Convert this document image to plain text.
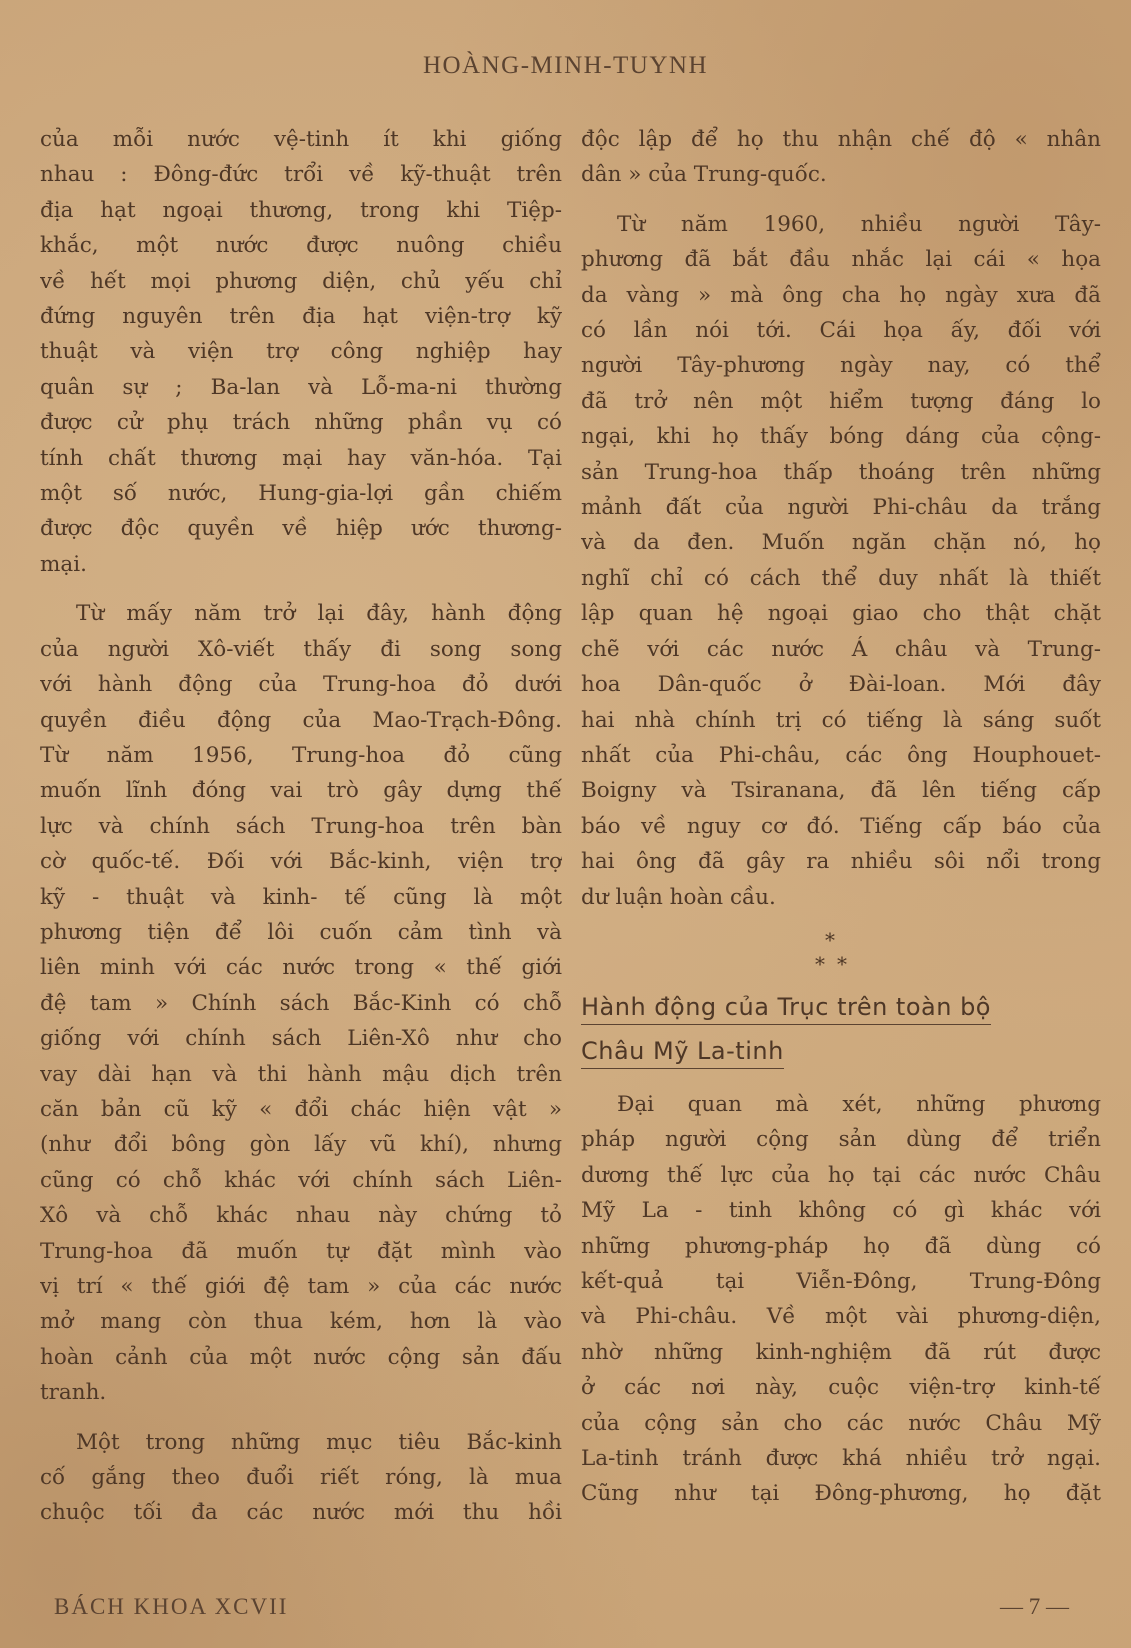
HOÀNG-MINH-TUYNH
của mỗi nước vệ-tinh ít khi giống
nhau : Đông-đức trổi về kỹ-thuật trên
địa hạt ngoại thương, trong khi Tiệp-
khắc, một nước được nuông chiều
về hết mọi phương diện, chủ yếu chỉ
đứng nguyên trên địa hạt viện-trợ kỹ
thuật và viện trợ công nghiệp hay
quân sự ; Ba-lan và Lỗ-ma-ni thường
được cử phụ trách những phần vụ có
tính chất thương mại hay văn-hóa. Tại
một số nước, Hung-gia-lợi gần chiếm
được độc quyền về hiệp ước thương-
mại.
Từ mấy năm trở lại đây, hành động
của người Xô-viết thấy đi song song
với hành động của Trung-hoa đỏ dưới
quyền điều động của Mao-Trạch-Đông.
Từ năm 1956, Trung-hoa đỏ cũng
muốn lĩnh đóng vai trò gây dựng thế
lực và chính sách Trung-hoa trên bàn
cờ quốc-tế. Đối với Bắc-kinh, viện trợ
kỹ - thuật và kinh- tế cũng là một
phương tiện để lôi cuốn cảm tình và
liên minh với các nước trong « thế giới
đệ tam » Chính sách Bắc-Kinh có chỗ
giống với chính sách Liên-Xô như cho
vay dài hạn và thi hành mậu dịch trên
căn bản cũ kỹ « đổi chác hiện vật »
(như đổi bông gòn lấy vũ khí), nhưng
cũng có chỗ khác với chính sách Liên-
Xô và chỗ khác nhau này chứng tỏ
Trung-hoa đã muốn tự đặt mình vào
vị trí « thế giới đệ tam » của các nước
mở mang còn thua kém, hơn là vào
hoàn cảnh của một nước cộng sản đấu
tranh.
Một trong những mục tiêu Bắc-kinh
cố gắng theo đuổi riết róng, là mua
chuộc tối đa các nước mới thu hồi
độc lập để họ thu nhận chế độ « nhân
dân » của Trung-quốc.
Từ năm 1960, nhiều người Tây-
phương đã bắt đầu nhắc lại cái « họa
da vàng » mà ông cha họ ngày xưa đã
có lần nói tới. Cái họa ấy, đối với
người Tây-phương ngày nay, có thể
đã trở nên một hiểm tượng đáng lo
ngại, khi họ thấy bóng dáng của cộng-
sản Trung-hoa thấp thoáng trên những
mảnh đất của người Phi-châu da trắng
và da đen. Muốn ngăn chặn nó, họ
nghĩ chỉ có cách thể duy nhất là thiết
lập quan hệ ngoại giao cho thật chặt
chẽ với các nước Á châu và Trung-
hoa Dân-quốc ở Đài-loan. Mới đây
hai nhà chính trị có tiếng là sáng suốt
nhất của Phi-châu, các ông Houphouet-
Boigny và Tsiranana, đã lên tiếng cấp
báo về nguy cơ đó. Tiếng cấp báo của
hai ông đã gây ra nhiều sôi nổi trong
dư luận hoàn cầu.
*
* *
Hành động của Trục trên toàn bộ
Châu Mỹ La-tinh
Đại quan mà xét, những phương
pháp người cộng sản dùng để triển
dương thế lực của họ tại các nước Châu
Mỹ La - tinh không có gì khác với
những phương-pháp họ đã dùng có
kết-quả tại Viễn-Đông, Trung-Đông
và Phi-châu. Về một vài phương-diện,
nhờ những kinh-nghiệm đã rút được
ở các nơi này, cuộc viện-trợ kinh-tế
của cộng sản cho các nước Châu Mỹ
La-tinh tránh được khá nhiều trở ngại.
Cũng như tại Đông-phương, họ đặt
BÁCH KHOA XCVII	— 7 —
